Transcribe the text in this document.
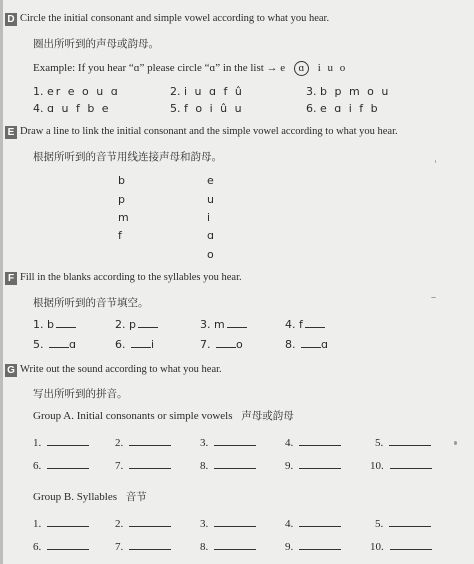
D Circle the initial consonant and simple vowel according to what you hear.
圈出所听到的声母或韵母。
Example: If you hear “ɑ” please circle “ɑ” in the list → e ɑ i u o
1. er e o u ɑ	2. i u ɑ f û	3. b p m o u
4. ɑ u f b e	5. f o i û u	6. e ɑ i f b
E Draw a line to link the initial consonant and the simple vowel according to what you hear.
根据所听到的音节用线连接声母和韵母。
b
p
m
f
e
u
i
ɑ
o
F Fill in the blanks according to the syllables you hear.
根据所听到的音节填空。
1. b	2. p	3. m	4. f
5. ɑ	6. i	7. o	8. ɑ
G Write out the sound according to what you hear.
写出所听到的拼音。
Group A. Initial consonants or simple vowels 声母或韵母
1.	2.	3.	4.	5.
6.	7.	8.	9.	10.
Group B. Syllables 音节
1.	2.	3.	4.	5.
6.	7.	8.	9.	10.
